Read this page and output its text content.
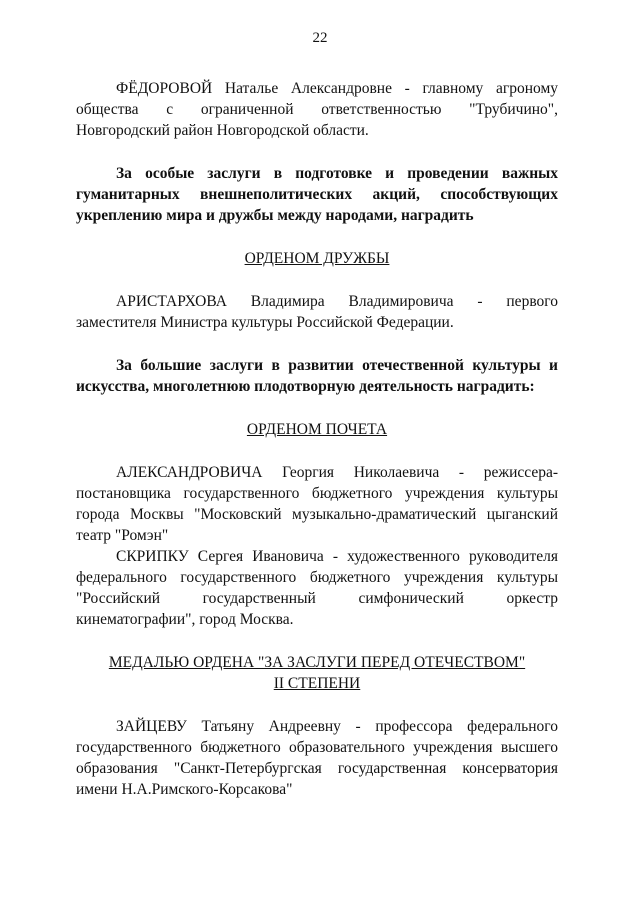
22

ФЁДОРОВОЙ Наталье Александровне - главному агроному общества с ограниченной ответственностью "Трубичино", Новгородский район Новгородской области.

За особые заслуги в подготовке и проведении важных гуманитарных внешнеполитических акций, способствующих укреплению мира и дружбы между народами, наградить

ОРДЕНОМ ДРУЖБЫ

АРИСТАРХОВА Владимира Владимировича - первого заместителя Министра культуры Российской Федерации.

За большие заслуги в развитии отечественной культуры и искусства, многолетнюю плодотворную деятельность наградить:

ОРДЕНОМ ПОЧЕТА

АЛЕКСАНДРОВИЧА Георгия Николаевича - режиссера-постановщика государственного бюджетного учреждения культуры города Москвы "Московский музыкально-драматический цыганский театр "Ромэн"

СКРИПКУ Сергея Ивановича - художественного руководителя федерального государственного бюджетного учреждения культуры "Российский государственный симфонический оркестр кинематографии", город Москва.

МЕДАЛЬЮ ОРДЕНА "ЗА ЗАСЛУГИ ПЕРЕД ОТЕЧЕСТВОМ"

II СТЕПЕНИ

ЗАЙЦЕВУ Татьяну Андреевну - профессора федерального государственного бюджетного образовательного учреждения высшего образования "Санкт-Петербургская государственная консерватория имени Н.А.Римского-Корсакова"
